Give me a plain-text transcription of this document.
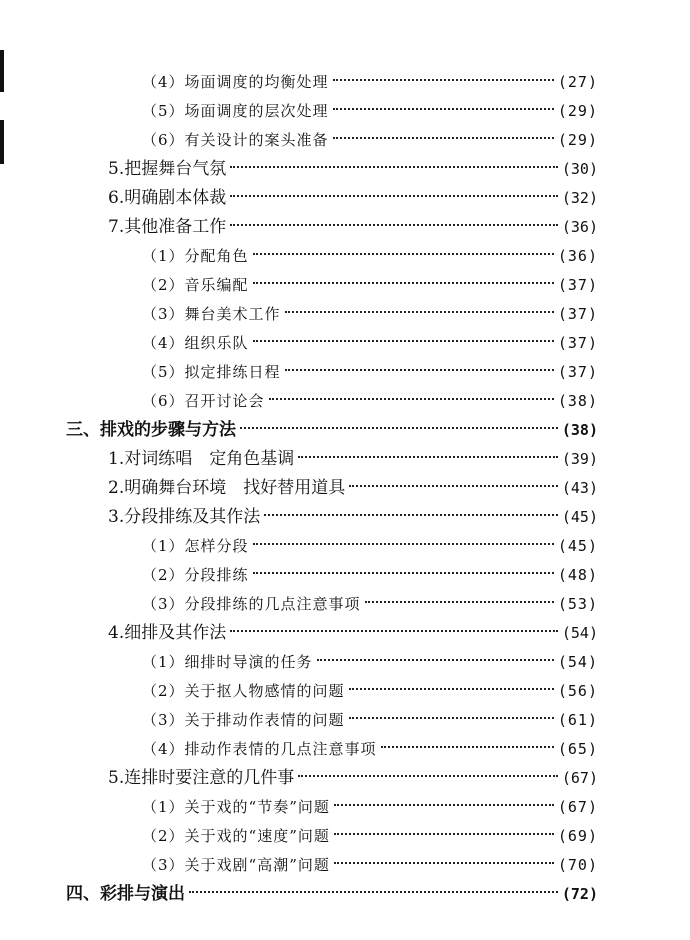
（4）场面调度的均衡处理	(27)
（5）场面调度的层次处理	(29)
（6）有关设计的案头准备	(29)
5.把握舞台气氛	(30)
6.明确剧本体裁	(32)
7.其他准备工作	(36)
（1）分配角色	(36)
（2）音乐编配	(37)
（3）舞台美术工作	(37)
（4）组织乐队	(37)
（5）拟定排练日程	(37)
（6）召开讨论会	(38)
三、排戏的步骤与方法	(38)
1.对词练唱　定角色基调	(39)
2.明确舞台环境　找好替用道具	(43)
3.分段排练及其作法	(45)
（1）怎样分段	(45)
（2）分段排练	(48)
（3）分段排练的几点注意事项	(53)
4.细排及其作法	(54)
（1）细排时导演的任务	(54)
（2）关于抠人物感情的问题	(56)
（3）关于排动作表情的问题	(61)
（4）排动作表情的几点注意事项	(65)
5.连排时要注意的几件事	(67)
（1）关于戏的“节奏”问题	(67)
（2）关于戏的“速度”问题	(69)
（3）关于戏剧“高潮”问题	(70)
四、彩排与演出	(72)
